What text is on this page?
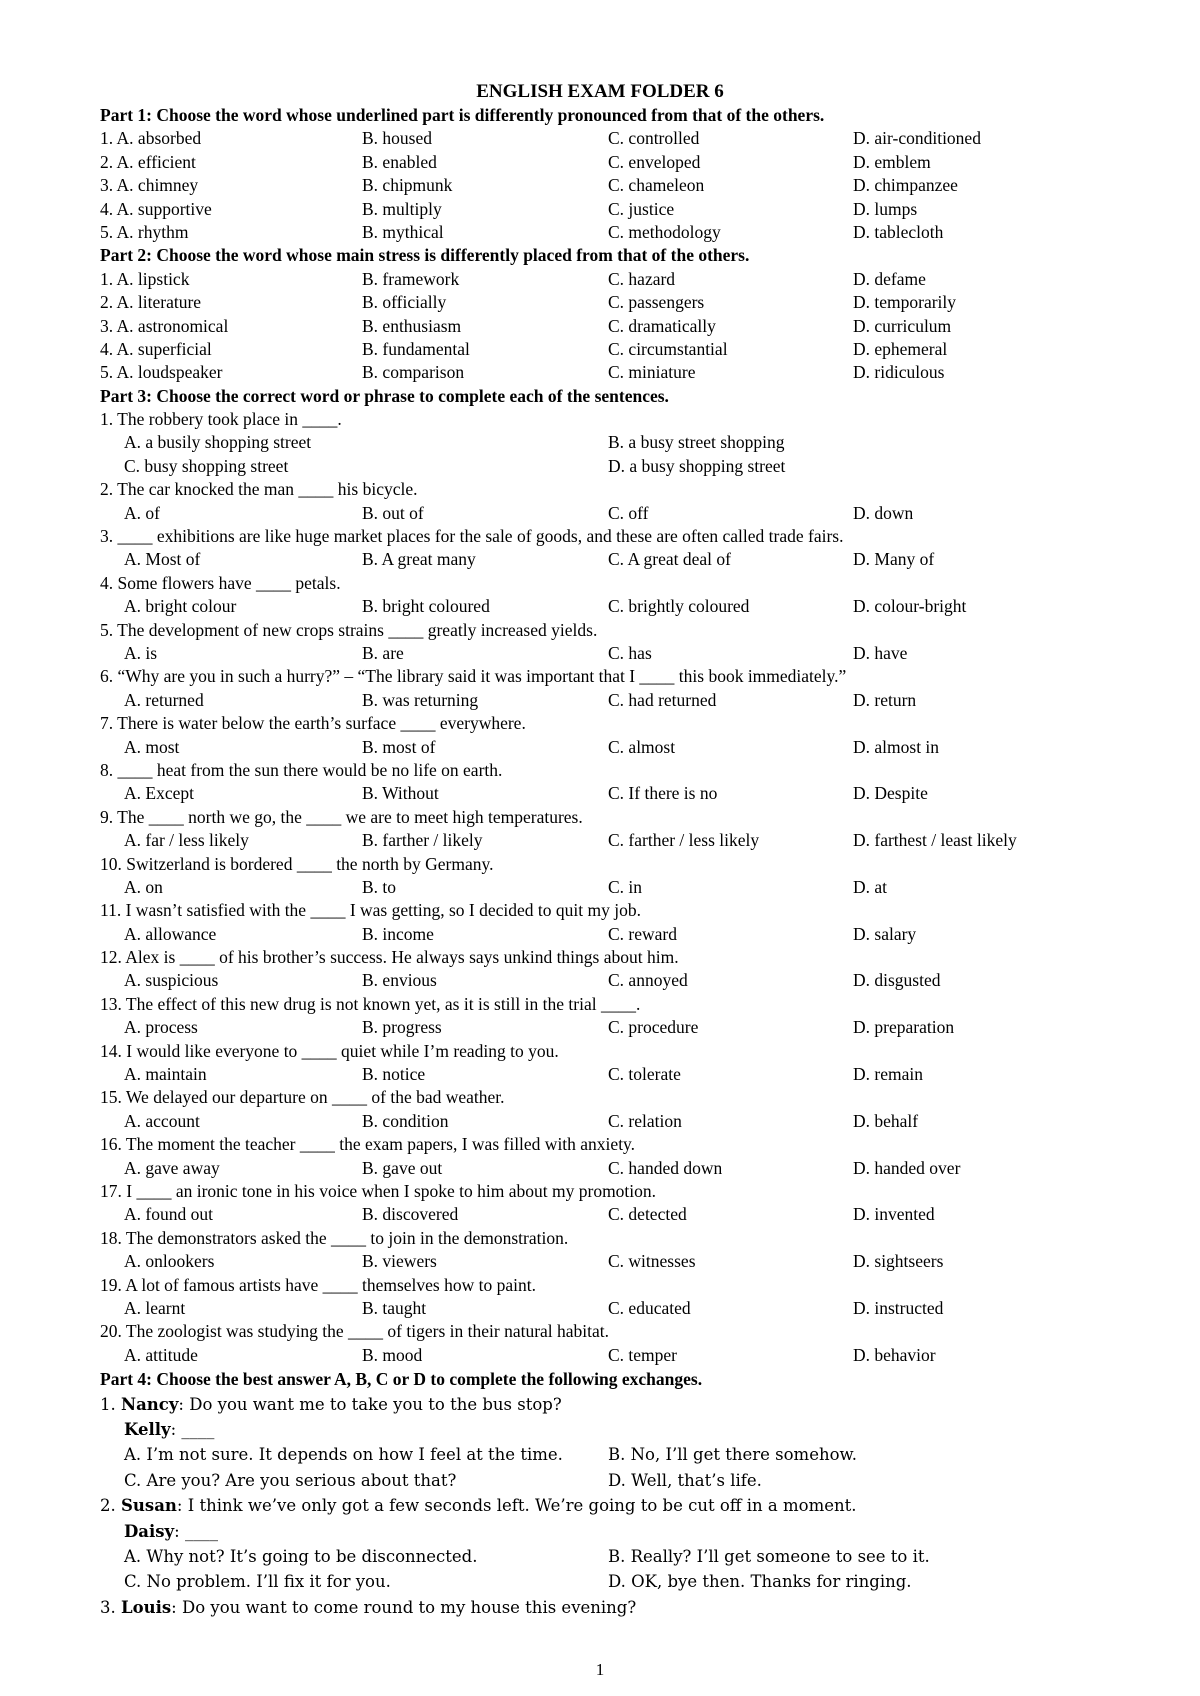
ENGLISH EXAM FOLDER 6
Part 1: Choose the word whose underlined part is differently pronounced from that of the others.
1. A. absorbed	B. housed	C. controlled	D. air-conditioned
2. A. efficient	B. enabled	C. enveloped	D. emblem
3. A. chimney	B. chipmunk	C. chameleon	D. chimpanzee
4. A. supportive	B. multiply	C. justice	D. lumps
5. A. rhythm	B. mythical	C. methodology	D. tablecloth
Part 2: Choose the word whose main stress is differently placed from that of the others.
1. A. lipstick	B. framework	C. hazard	D. defame
2. A. literature	B. officially	C. passengers	D. temporarily
3. A. astronomical	B. enthusiasm	C. dramatically	D. curriculum
4. A. superficial	B. fundamental	C. circumstantial	D. ephemeral
5. A. loudspeaker	B. comparison	C. miniature	D. ridiculous
Part 3: Choose the correct word or phrase to complete each of the sentences.
1. The robbery took place in ____.
A. a busily shopping street	B. a busy street shopping
C. busy shopping street	D. a busy shopping street
2. The car knocked the man ____ his bicycle.
A. of	B. out of	C. off	D. down
3. ____ exhibitions are like huge market places for the sale of goods, and these are often called trade fairs.
A. Most of	B. A great many	C. A great deal of	D. Many of
4. Some flowers have ____ petals.
A. bright colour	B. bright coloured	C. brightly coloured	D. colour-bright
5. The development of new crops strains ____ greatly increased yields.
A. is	B. are	C. has	D. have
6. “Why are you in such a hurry?” – “The library said it was important that I ____ this book immediately.”
A. returned	B. was returning	C. had returned	D. return
7. There is water below the earth’s surface ____ everywhere.
A. most	B. most of	C. almost	D. almost in
8. ____ heat from the sun there would be no life on earth.
A. Except	B. Without	C. If there is no	D. Despite
9. The ____ north we go, the ____ we are to meet high temperatures.
A. far / less likely	B. farther / likely	C. farther / less likely	D. farthest / least likely
10. Switzerland is bordered ____ the north by Germany.
A. on	B. to	C. in	D. at
11. I wasn’t satisfied with the ____ I was getting, so I decided to quit my job.
A. allowance	B. income	C. reward	D. salary
12. Alex is ____ of his brother’s success. He always says unkind things about him.
A. suspicious	B. envious	C. annoyed	D. disgusted
13. The effect of this new drug is not known yet, as it is still in the trial ____.
A. process	B. progress	C. procedure	D. preparation
14. I would like everyone to ____ quiet while I’m reading to you.
A. maintain	B. notice	C. tolerate	D. remain
15. We delayed our departure on ____ of the bad weather.
A. account	B. condition	C. relation	D. behalf
16. The moment the teacher ____ the exam papers, I was filled with anxiety.
A. gave away	B. gave out	C. handed down	D. handed over
17. I ____ an ironic tone in his voice when I spoke to him about my promotion.
A. found out	B. discovered	C. detected	D. invented
18. The demonstrators asked the ____ to join in the demonstration.
A. onlookers	B. viewers	C. witnesses	D. sightseers
19. A lot of famous artists have ____ themselves how to paint.
A. learnt	B. taught	C. educated	D. instructed
20. The zoologist was studying the ____ of tigers in their natural habitat.
A. attitude	B. mood	C. temper	D. behavior
Part 4: Choose the best answer A, B, C or D to complete the following exchanges.
1. Nancy: Do you want me to take you to the bus stop?
Kelly: ____
A. I’m not sure. It depends on how I feel at the time.	B. No, I’ll get there somehow.
C. Are you? Are you serious about that?	D. Well, that’s life.
2. Susan: I think we’ve only got a few seconds left. We’re going to be cut off in a moment.
Daisy: ____
A. Why not? It’s going to be disconnected.	B. Really? I’ll get someone to see to it.
C. No problem. I’ll fix it for you.	D. OK, bye then. Thanks for ringing.
3. Louis: Do you want to come round to my house this evening?
1
